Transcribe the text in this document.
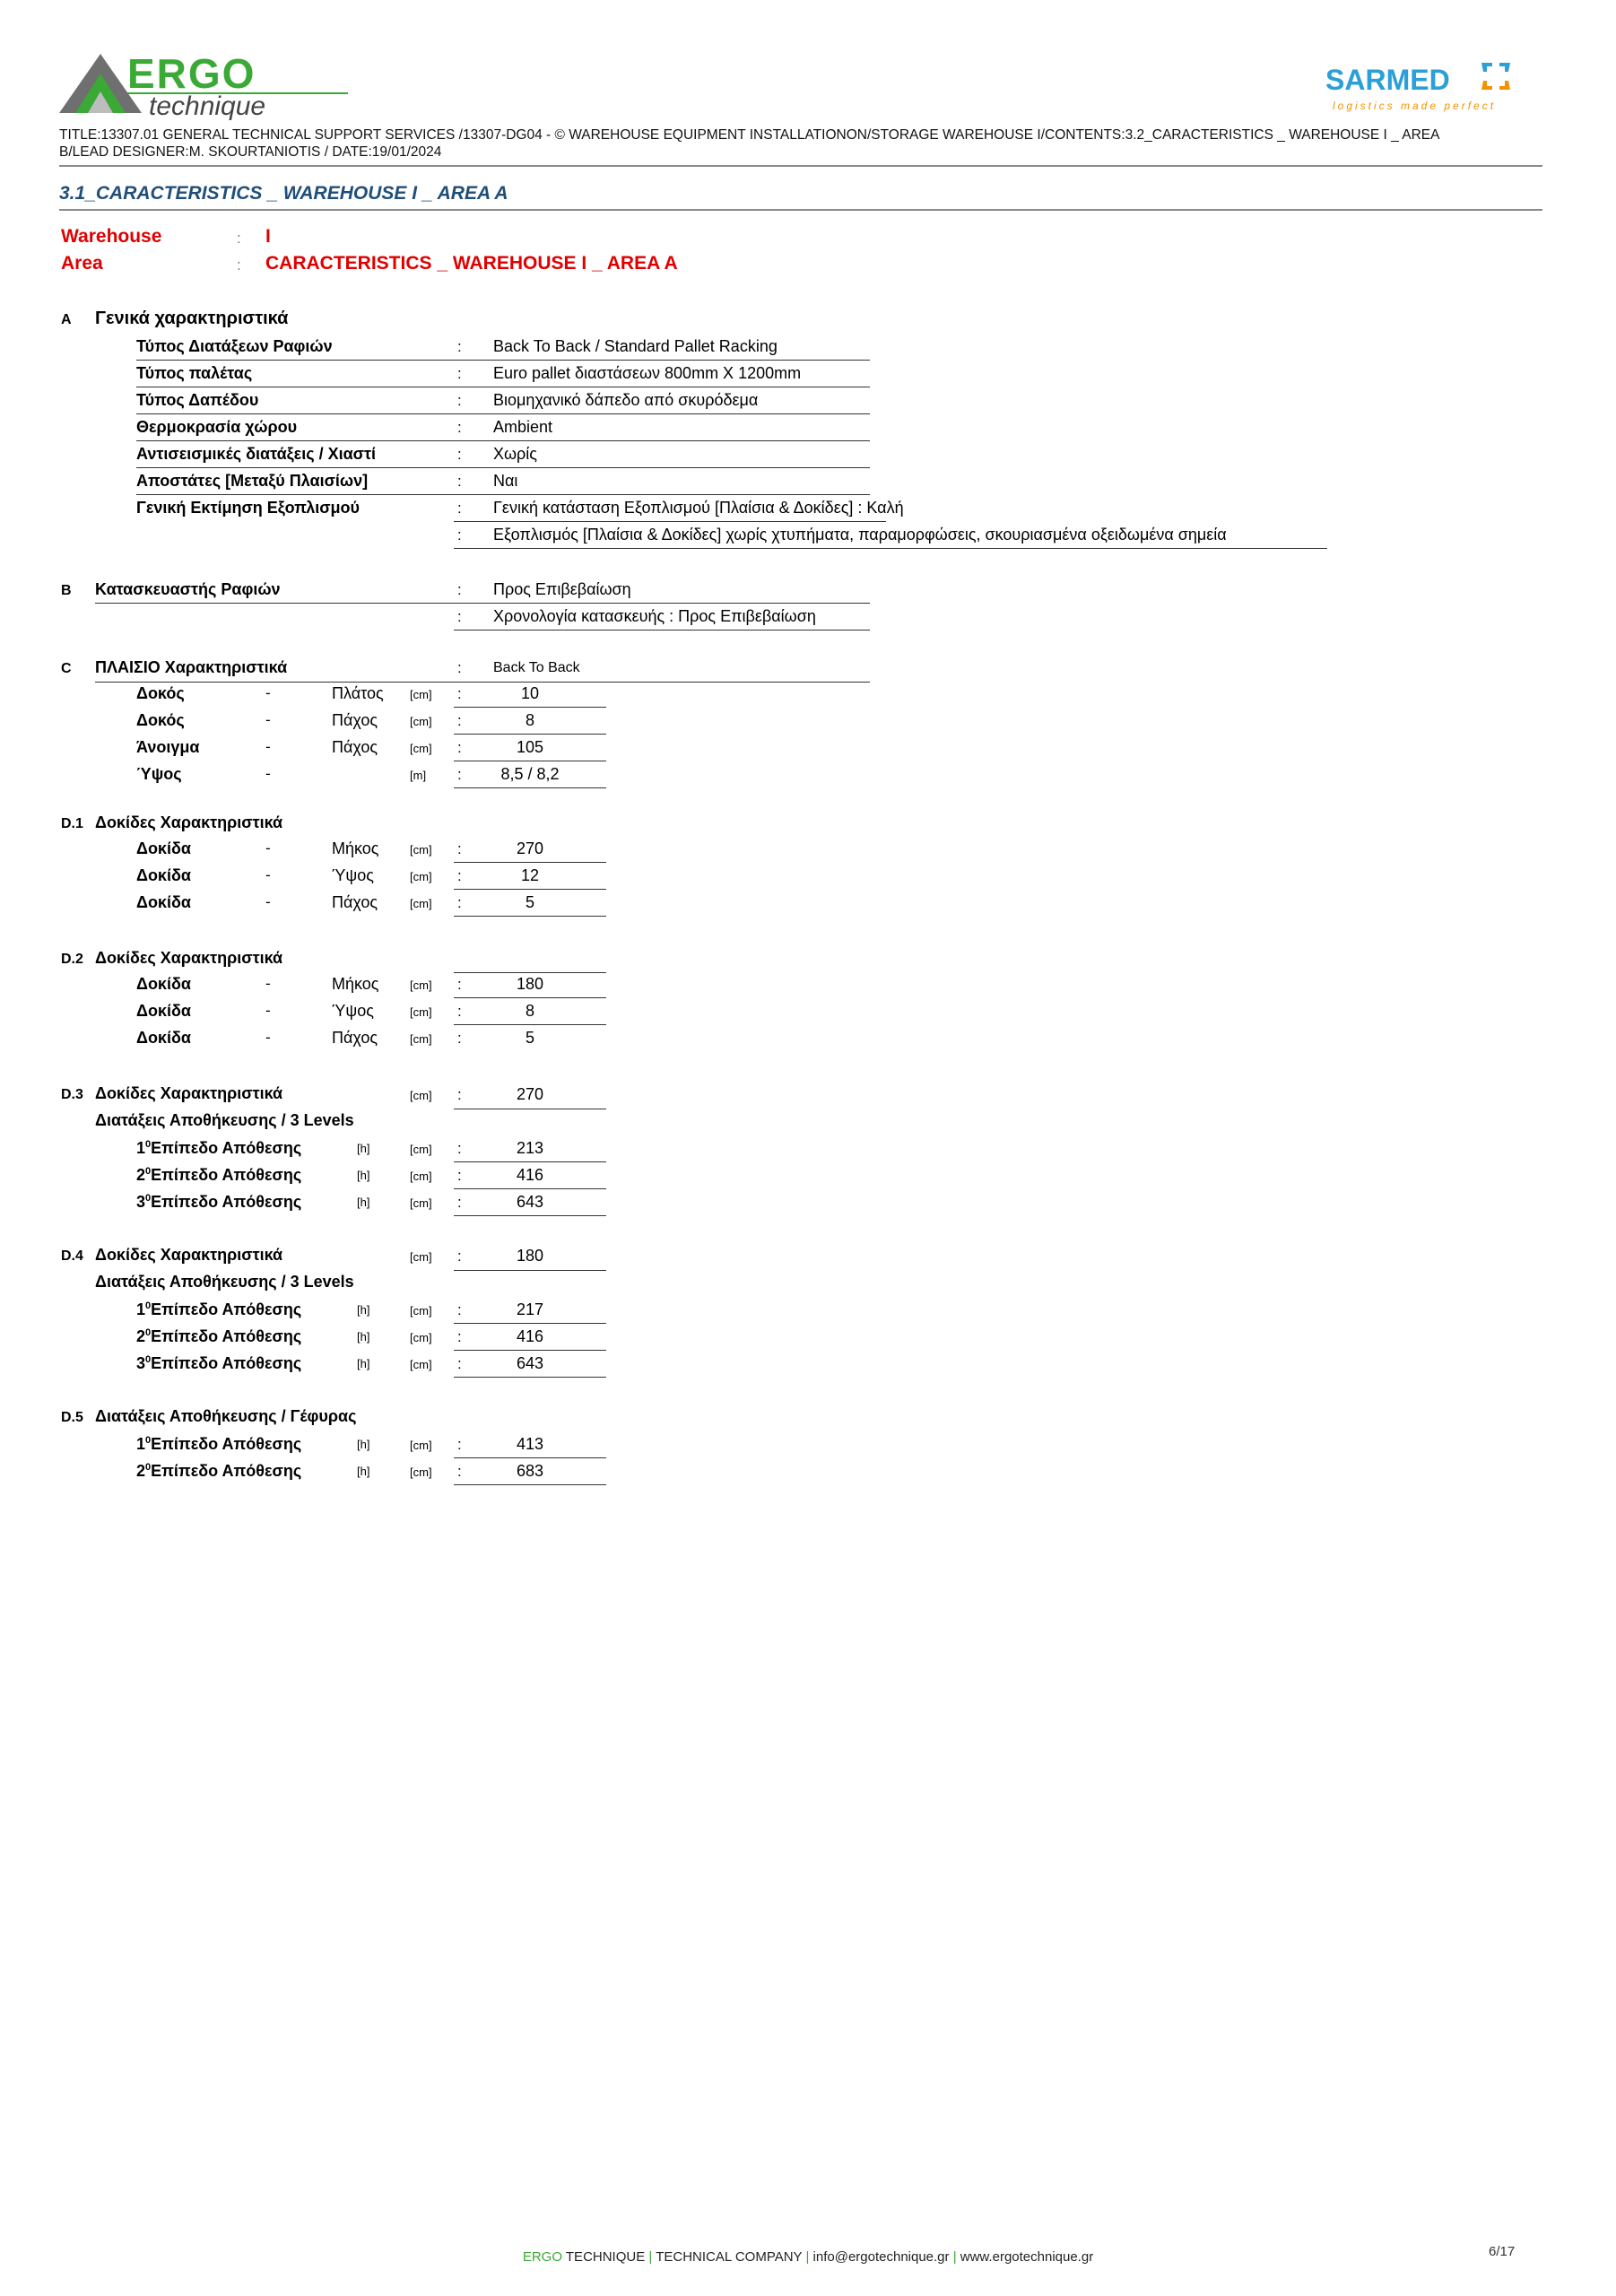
ERGO
technique
SARMED
logistics made perfect
TITLE:13307.01 GENERAL TECHNICAL SUPPORT SERVICES /13307-DG04 - © WAREHOUSE EQUIPMENT INSTALLATIONON/STORAGE WAREHOUSE I/CONTENTS:3.2_CARACTERISTICS _ WAREHOUSE I _ AREA
B/LEAD DESIGNER:M. SKOURTANIOTIS / DATE:19/01/2024
3.1_CARACTERISTICS _ WAREHOUSE I _ AREA A
Warehouse	: I
Area	: CARACTERISTICS _ WAREHOUSE I _ AREA A
A Γενικά χαρακτηριστικά
Τύπος Διατάξεων Ραφιών	: Back To Back / Standard Pallet Racking
Τύπος παλέτας	: Euro pallet διαστάσεων 800mm X 1200mm
Τύπος Δαπέδου	: Βιομηχανικό δάπεδο από σκυρόδεμα
Θερμοκρασία χώρου	: Ambient
Αντισεισμικές διατάξεις / Χιαστί	: Χωρίς
Αποστάτες [Μεταξύ Πλαισίων]	: Ναι
Γενική Εκτίμηση Εξοπλισμού	: Γενική κατάσταση Εξοπλισμού [Πλαίσια & Δοκίδες] : Καλή
: Εξοπλισμός [Πλαίσια & Δοκίδες] χωρίς χτυπήματα, παραμορφώσεις, σκουριασμένα οξειδωμένα σημεία
B Κατασκευαστής Ραφιών	: Προς Επιβεβαίωση
: Χρονολογία κατασκευής : Προς Επιβεβαίωση
C ΠΛΑΙΣΙΟ Χαρακτηριστικά	: Back To Back
Δοκός	-	Πλάτος [cm] :	10
Δοκός	-	Πάχος	[cm] :	8
Άνοιγμα	-	Πάχος	[cm] :	105
Ύψος	-	[m] :	8,5 / 8,2
D.1 Δοκίδες Χαρακτηριστικά
Δοκίδα	-	Μήκος	[cm] :	270
Δοκίδα	-	Ύψος	[cm] :	12
Δοκίδα	-	Πάχος	[cm] :	5
D.2 Δοκίδες Χαρακτηριστικά
Δοκίδα	-	Μήκος	[cm] :	180
Δοκίδα	-	Ύψος	[cm] :	8
Δοκίδα	-	Πάχος	[cm] :	5
D.3 Δοκίδες Χαρακτηριστικά	[cm] :	270
Διατάξεις Αποθήκευσης / 3 Levels
$1^0E\pi ί\pi\varepsilon\delta o$ Απόθεσης	[h]	[cm] :	213
$2^0E\pi ί\pi\varepsilon\delta o$ Απόθεσης	[h]	[cm] :	416
$3^0E\pi ί\pi\varepsilon\delta o$ Απόθεσης	[h]	[cm] :	643
D.4 Δοκίδες Χαρακτηριστικά	[cm] :	180
Διατάξεις Αποθήκευσης / 3 Levels
$1^0E\pi ί\pi\varepsilon\delta o$ Απόθεσης	[h]	[cm] :	217
$2^0E\pi ί\pi\varepsilon\delta o$ Απόθεσης	[h]	[cm] :	416
$3^0E\pi ί\pi\varepsilon\delta o$ Απόθεσης	[h]	[cm] :	643
D.5 Διατάξεις Αποθήκευσης / Γέφυρας
$1^0E\pi ί\pi\varepsilon\delta o$ Απόθεσης	[h]	[cm] :	413
$2^0E\pi ί\pi\varepsilon\delta o$ Απόθεσης	[h]	[cm] :	683
ERGO TECHNIQUE | TECHNICAL COMPANY | info@ergotechnique.gr | www.ergotechnique.gr	6/17
